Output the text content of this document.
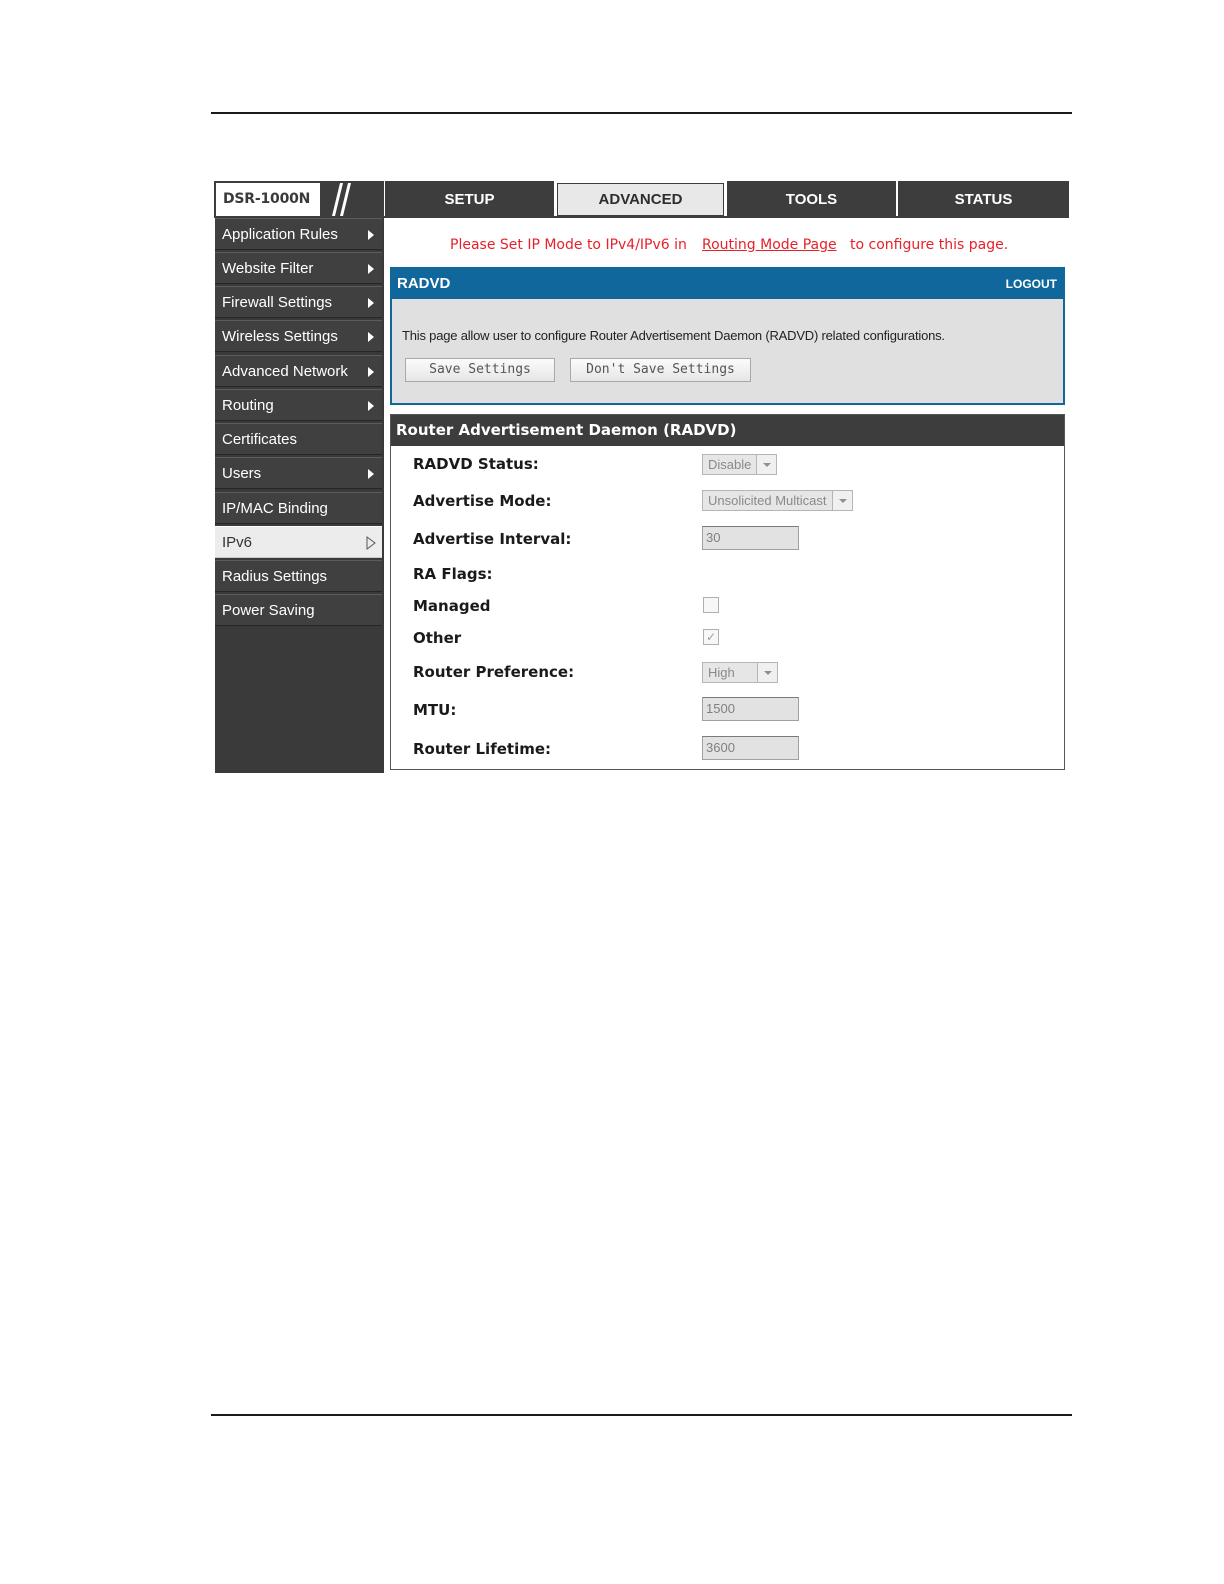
DSR-1000N	SETUP	ADVANCED	TOOLS	STATUS
Application Rules
Website Filter
Firewall Settings
Wireless Settings
Advanced Network
Routing
Certificates
Users
IP/MAC Binding
IPv6
Radius Settings
Power Saving
Please Set IP Mode to IPv4/IPv6 in Routing Mode Page to configure this page.
RADVD	LOGOUT
This page allow user to configure Router Advertisement Daemon (RADVD) related configurations.
Save Settings	Don't Save Settings
Router Advertisement Daemon (RADVD)
RADVD Status:	Disable
Advertise Mode:	Unsolicited Multicast
Advertise Interval:	30
RA Flags:
Managed
Other	✓
Router Preference:	High
MTU:	1500
Router Lifetime:	3600
